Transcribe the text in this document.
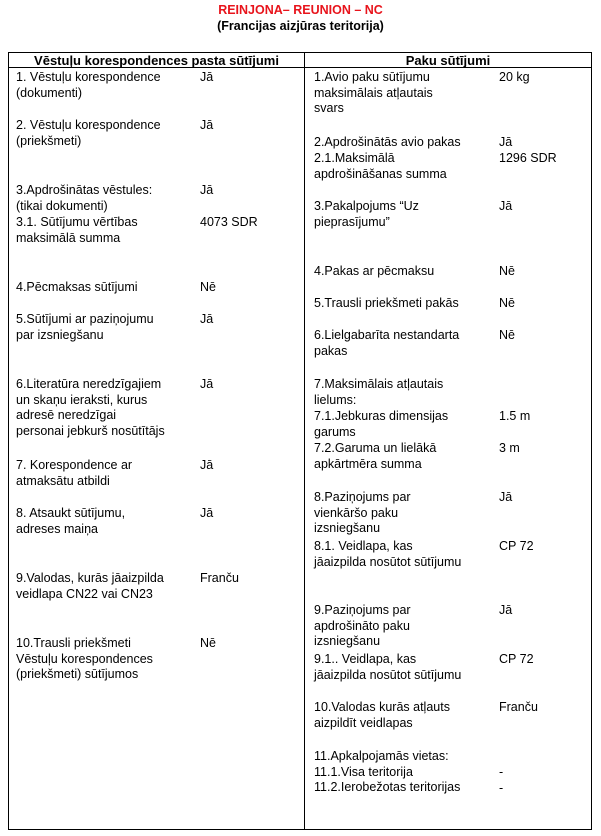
REINJONA– REUNION – NC
(Francijas aizjūras teritorija)
Vēstuļu korespondences pasta sūtījumi	Paku sūtījumi
1. Vēstuļu korespondence
(dokumenti)
2. Vēstuļu korespondence
(priekšmeti)
3.Apdrošinātas vēstules:
(tikai dokumenti)
3.1. Sūtījumu vērtības
maksimālā summa
4.Pēcmaksas sūtījumi
5.Sūtījumi ar paziņojumu
par izsniegšanu
6.Literatūra neredzīgajiem
un skaņu ieraksti, kurus
adresē neredzīgai
personai jebkurš nosūtītājs
7. Korespondence ar
atmaksātu atbildi
8. Atsaukt sūtījumu,
adreses maiņa
9.Valodas, kurās jāaizpilda
veidlapa CN22 vai CN23
10.Trausli priekšmeti
Vēstuļu korespondences
(priekšmeti) sūtījumos
Jā
Jā
Jā
4073 SDR
Nē
Jā
Jā
Jā
Jā
Franču
Nē
1.Avio paku sūtījumu
maksimālais atļautais
svars
2.Apdrošinātās avio pakas
2.1.Maksimālā
apdrošināšanas summa
3.Pakalpojums “Uz
pieprasījumu”
4.Pakas ar pēcmaksu
5.Trausli priekšmeti pakās
6.Lielgabarīta nestandarta
pakas
7.Maksimālais atļautais
lielums:
7.1.Jebkuras dimensijas
garums
7.2.Garuma un lielākā
apkārtmēra summa
8.Paziņojums par
vienkāršo paku
izsniegšanu
8.1. Veidlapa, kas
jāaizpilda nosūtot sūtījumu
9.Paziņojums par
apdrošināto paku
izsniegšanu
9.1.. Veidlapa, kas
jāaizpilda nosūtot sūtījumu
10.Valodas kurās atļauts
aizpildīt veidlapas
11.Apkalpojamās vietas:
11.1.Visa teritorija
11.2.Ierobežotas teritorijas
20 kg
Jā
1296 SDR
Jā
Nē
Nē
Nē
1.5 m
3 m
Jā
CP 72
Jā
CP 72
Franču
-
-
